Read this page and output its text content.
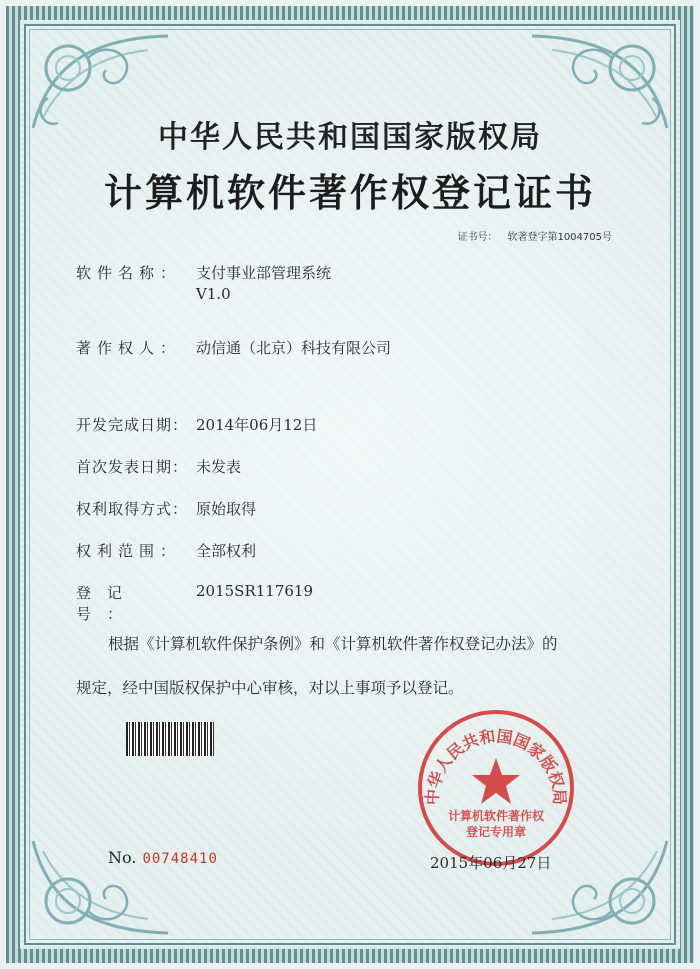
中华人民共和国国家版权局
计算机软件著作权登记证书
证书号： 软著登字第1004705号
软件名称： 支付事业部管理系统
V1.0
著作权人： 动信通（北京）科技有限公司
开发完成日期： 2014年06月12日
首次发表日期： 未发表
权利取得方式： 原始取得
权利范围： 全部权利
登记号：2015SR117619
根据《计算机软件保护条例》和《计算机软件著作权登记办法》的
规定，经中国版权保护中心审核，对以上事项予以登记。
No. 00748410
中华人民共和国国家版权局
计算机软件著作权
登记专用章
2015年06月27日
